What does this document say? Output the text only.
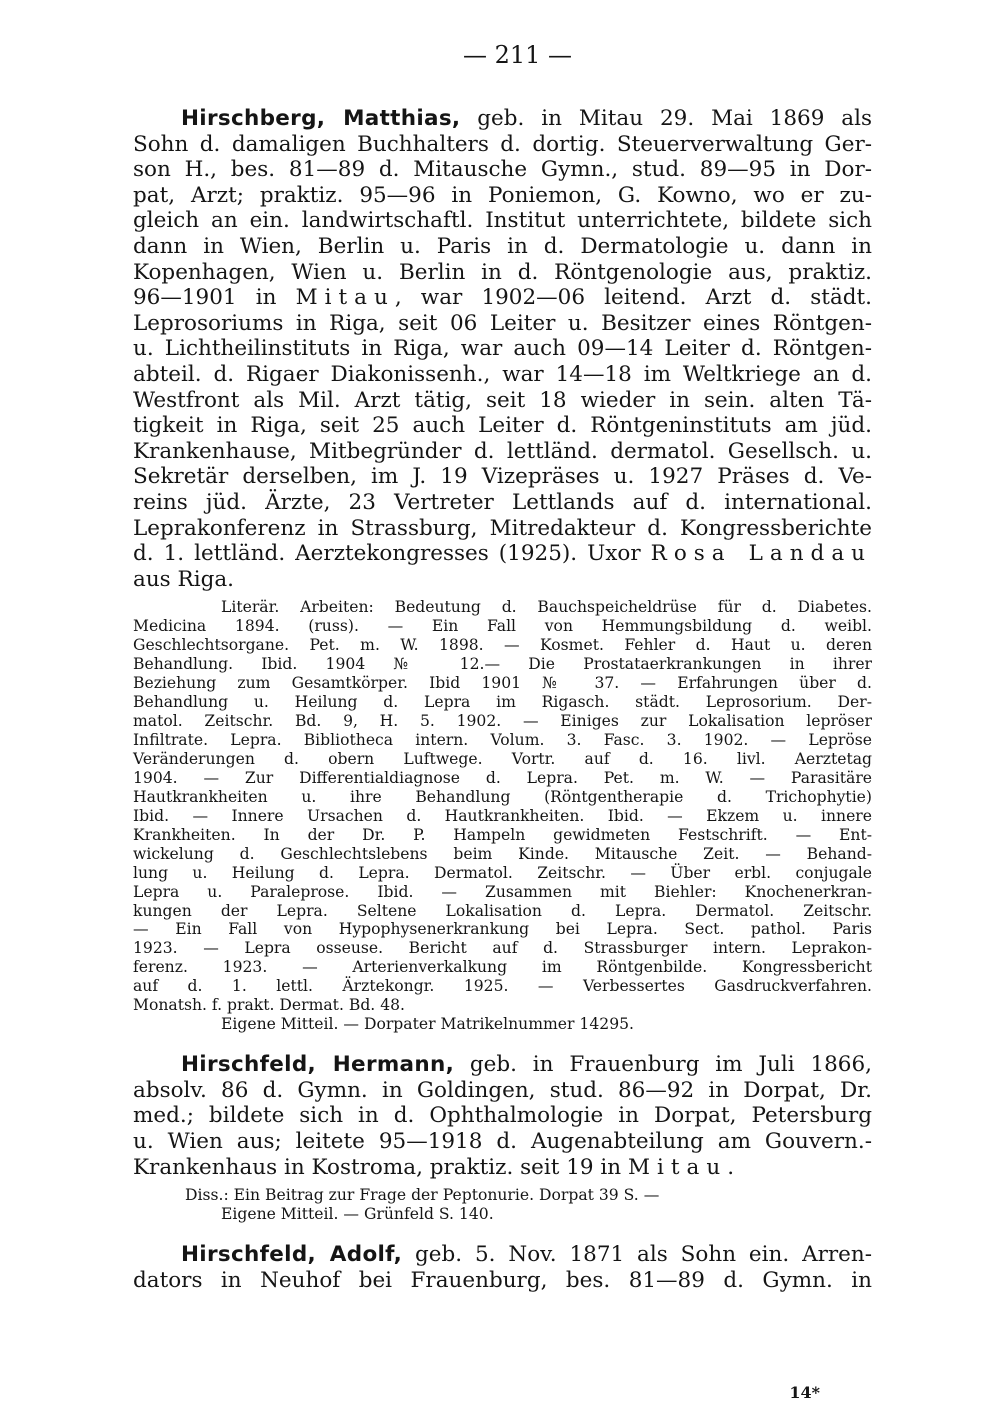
— 211 —
Hirschberg, Matthias, geb. in Mitau 29. Mai 1869 als
Sohn d. damaligen Buchhalters d. dortig. Steuerverwaltung Ger-
son H., bes. 81—89 d. Mitausche Gymn., stud. 89—95 in Dor-
pat, Arzt; praktiz. 95—96 in Poniemon, G. Kowno, wo er zu-
gleich an ein. landwirtschaftl. Institut unterrichtete, bildete sich
dann in Wien, Berlin u. Paris in d. Dermatologie u. dann in
Kopenhagen, Wien u. Berlin in d. Röntgenologie aus, praktiz.
96—1901 in Mitau, war 1902—06 leitend. Arzt d. städt.
Leprosoriums in Riga, seit 06 Leiter u. Besitzer eines Röntgen-
u. Lichtheilinstituts in Riga, war auch 09—14 Leiter d. Röntgen-
abteil. d. Rigaer Diakonissenh., war 14—18 im Weltkriege an d.
Westfront als Mil. Arzt tätig, seit 18 wieder in sein. alten Tä-
tigkeit in Riga, seit 25 auch Leiter d. Röntgeninstituts am jüd.
Krankenhause, Mitbegründer d. lettländ. dermatol. Gesellsch. u.
Sekretär derselben, im J. 19 Vizepräses u. 1927 Präses d. Ve-
reins jüd. Ärzte, 23 Vertreter Lettlands auf d. international.
Leprakonferenz in Strassburg, Mitredakteur d. Kongressberichte
d. 1. lettländ. Aerztekongresses (1925). Uxor Rosa Landau
aus Riga.
Literär. Arbeiten: Bedeutung d. Bauchspeicheldrüse für d. Diabetes.
Medicina 1894. (russ). — Ein Fall von Hemmungsbildung d. weibl.
Geschlechtsorgane. Pet. m. W. 1898. — Kosmet. Fehler d. Haut u. deren
Behandlung. Ibid. 1904 № 12.— Die Prostataerkrankungen in ihrer
Beziehung zum Gesamtkörper. Ibid 1901 № 37. — Erfahrungen über d.
Behandlung u. Heilung d. Lepra im Rigasch. städt. Leprosorium. Der-
matol. Zeitschr. Bd. 9, H. 5. 1902. — Einiges zur Lokalisation lepröser
Infiltrate. Lepra. Bibliotheca intern. Volum. 3. Fasc. 3. 1902. — Lepröse
Veränderungen d. obern Luftwege. Vortr. auf d. 16. livl. Aerztetag
1904. — Zur Differentialdiagnose d. Lepra. Pet. m. W. — Parasitäre
Hautkrankheiten u. ihre Behandlung (Röntgentherapie d. Trichophytie)
Ibid. — Innere Ursachen d. Hautkrankheiten. Ibid. — Ekzem u. innere
Krankheiten. In der Dr. P. Hampeln gewidmeten Festschrift. — Ent-
wickelung d. Geschlechtslebens beim Kinde. Mitausche Zeit. — Behand-
lung u. Heilung d. Lepra. Dermatol. Zeitschr. — Über erbl. conjugale
Lepra u. Paraleprose. Ibid. — Zusammen mit Biehler: Knochenerkran-
kungen der Lepra. Seltene Lokalisation d. Lepra. Dermatol. Zeitschr.
— Ein Fall von Hypophysenerkrankung bei Lepra. Sect. pathol. Paris
1923. — Lepra osseuse. Bericht auf d. Strassburger intern. Leprakon-
ferenz. 1923. — Arterienverkalkung im Röntgenbilde. Kongressbericht
auf d. 1. lettl. Ärztekongr. 1925. — Verbessertes Gasdruckverfahren.
Monatsh. f. prakt. Dermat. Bd. 48.
Eigene Mitteil. — Dorpater Matrikelnummer 14295.
Hirschfeld, Hermann, geb. in Frauenburg im Juli 1866,
absolv. 86 d. Gymn. in Goldingen, stud. 86—92 in Dorpat, Dr.
med.; bildete sich in d. Ophthalmologie in Dorpat, Petersburg
u. Wien aus; leitete 95—1918 d. Augenabteilung am Gouvern.-
Krankenhaus in Kostroma, praktiz. seit 19 in Mitau.
Diss.: Ein Beitrag zur Frage der Peptonurie. Dorpat 39 S. —
Eigene Mitteil. — Grünfeld S. 140.
Hirschfeld, Adolf, geb. 5. Nov. 1871 als Sohn ein. Arren-
dators in Neuhof bei Frauenburg, bes. 81—89 d. Gymn. in
14*
